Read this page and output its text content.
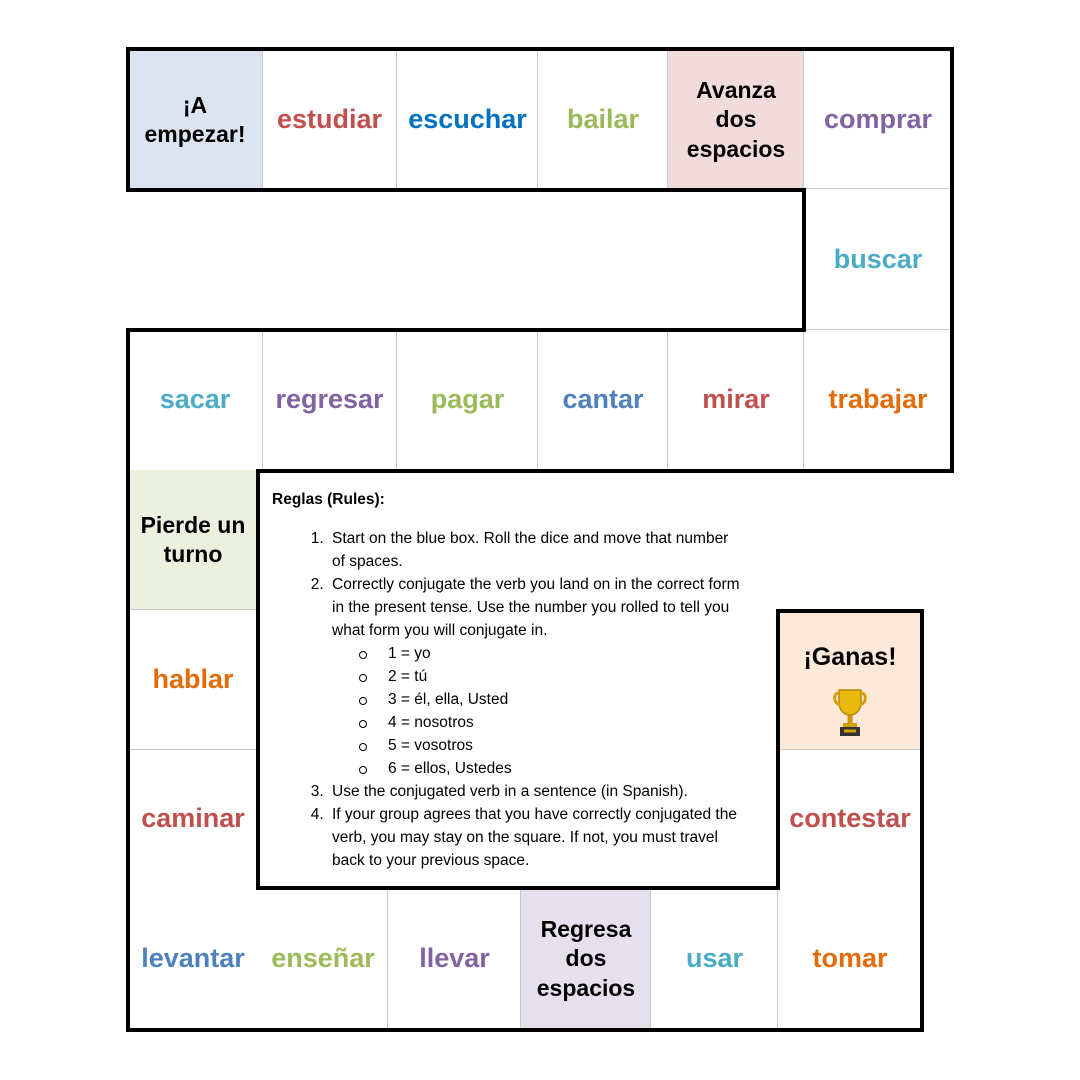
¡A empezar!	estudiar escuchar bailar
Avanza dos espacios
comprar
buscar
sacar regresar pagar cantar mirar trabajar
Pierde un turno
hablar
caminar
¡Ganas!
contestar
levantar enseñar llevar
Regresa dos espacios
usar	tomar
Reglas (Rules):
1. Start on the blue box. Roll the dice and move that number of spaces.
2. Correctly conjugate the verb you land on in the correct form in the present tense. Use the number you rolled to tell you what form you will conjugate in.
1 = yo
2 = tú
3 = él, ella, Usted
4 = nosotros
5 = vosotros
6 = ellos, Ustedes
3. Use the conjugated verb in a sentence (in Spanish).
4. If your group agrees that you have correctly conjugated the verb, you may stay on the square. If not, you must travel back to your previous space.
